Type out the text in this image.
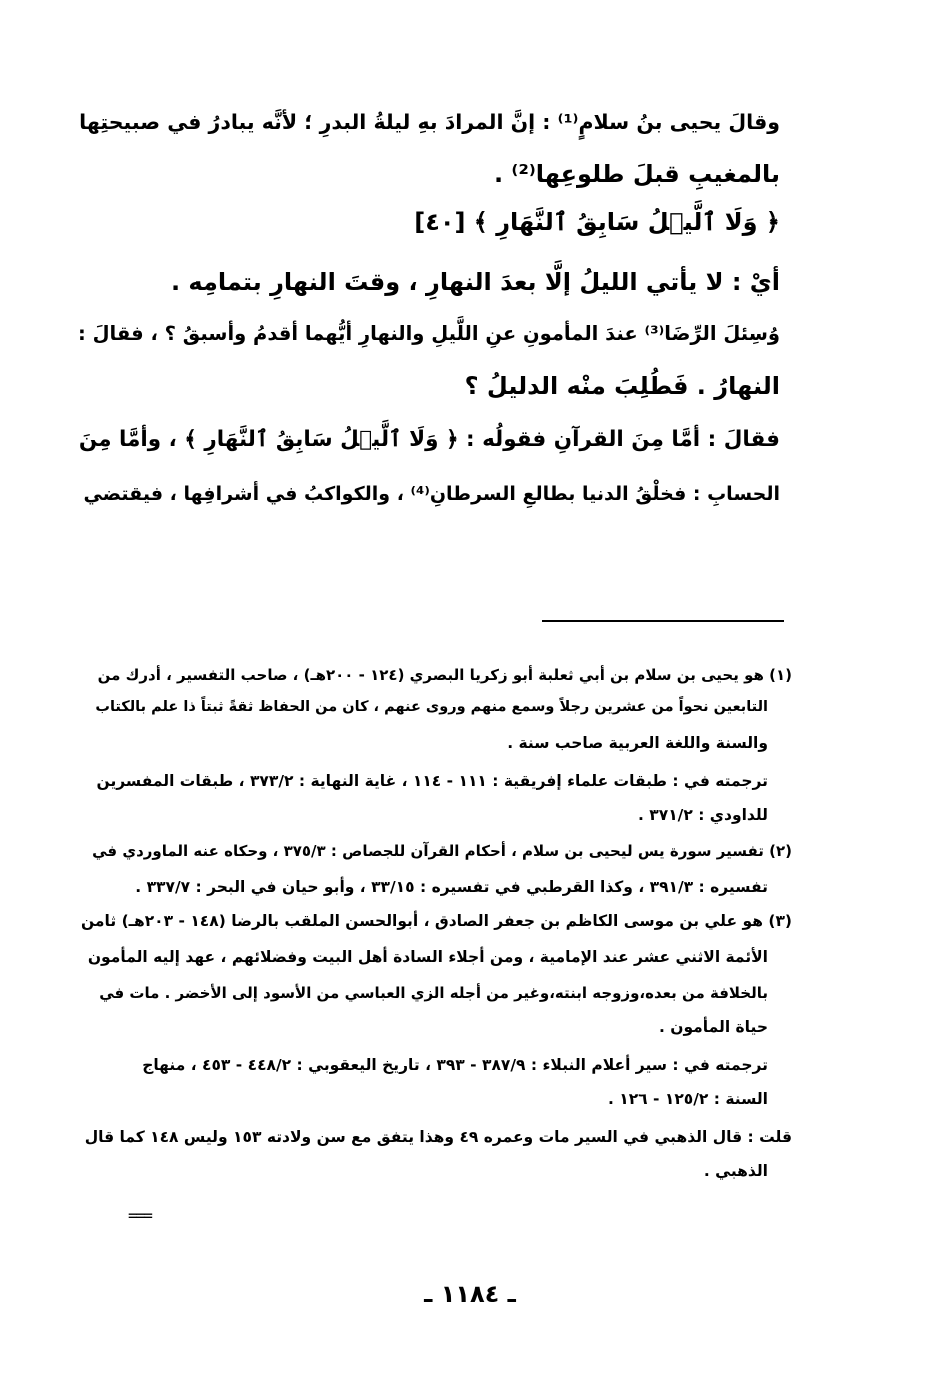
وقالَ يحيى بنُ سلامٍ⁽¹⁾ : إنَّ المرادَ بهِ ليلةُ البدرِ ؛ لأنَّه يبادرُ في صبيحتِها
بالمغيبِ قبلَ طلوعِها⁽²⁾ .
﴿ وَلَا ٱلَّيۡلُ سَابِقُ ٱلنَّهَارِ ﴾ [٤٠]
أيْ : لا يأتي الليلُ إلَّا بعدَ النهارِ ، وقتَ النهارِ بتمامِه .
وُسِئلَ الرِّضَا⁽³⁾ عندَ المأمونِ عنِ اللَّيلِ والنهارِ أيُّهما أقدمُ وأسبقُ ؟ ، فقالَ :
النهارُ . فَطُلِبَ منْه الدليلُ ؟
فقالَ : أمَّا مِنَ القرآنِ فقولُه : ﴿ وَلَا ٱلَّيۡلُ سَابِقُ ٱلنَّهَارِ ﴾ ، وأمَّا مِنَ
الحسابِ : فخلْقُ الدنيا بطالعِ السرطانِ⁽⁴⁾ ، والكواكبُ في أشرافِها ، فيقتضي
(١) هو يحيى بن سلام بن أبي ثعلبة أبو زكريا البصري (١٢٤ - ٢٠٠هـ) ، صاحب التفسير ، أدرك من
التابعين نحواً من عشرين رجلاً وسمع منهم وروى عنهم ، كان من الحفاظ ثقةً ثبتاً ذا علم بالكتاب
والسنة واللغة العربية صاحب سنة .
ترجمته في : طبقات علماء إفريقية : ١١١ - ١١٤ ، غاية النهاية : ٣٧٣/٢ ، طبقات المفسرين
للداودي : ٣٧١/٢ .
(٢) تفسير سورة يس ليحيى بن سلام ، أحكام القرآن للجصاص : ٣٧٥/٣ ، وحكاه عنه الماوردي في
تفسيره : ٣٩١/٣ ، وكذا القرطبي في تفسيره : ٣٣/١٥ ، وأبو حيان في البحر : ٣٣٧/٧ .
(٣) هو علي بن موسى الكاظم بن جعفر الصادق ، أبوالحسن الملقب بالرضا (١٤٨ - ٢٠٣هـ) ثامن
الأئمة الاثني عشر عند الإمامية ، ومن أجلاء السادة أهل البيت وفضلائهم ، عهد إليه المأمون
بالخلافة من بعده،وزوجه ابنته،وغير من أجله الزي العباسي من الأسود إلى الأخضر . مات في
حياة المأمون .
ترجمته في : سير أعلام النبلاء : ٣٨٧/٩ - ٣٩٣ ، تاريخ اليعقوبي : ٤٤٨/٢ - ٤٥٣ ، منهاج
السنة : ١٢٥/٢ - ١٢٦ .
قلت : قال الذهبي في السير مات وعمره ٤٩ وهذا يتفق مع سن ولادته ١٥٣ وليس ١٤٨ كما قال
الذهبي .
===
ـ ١١٨٤ ـ
